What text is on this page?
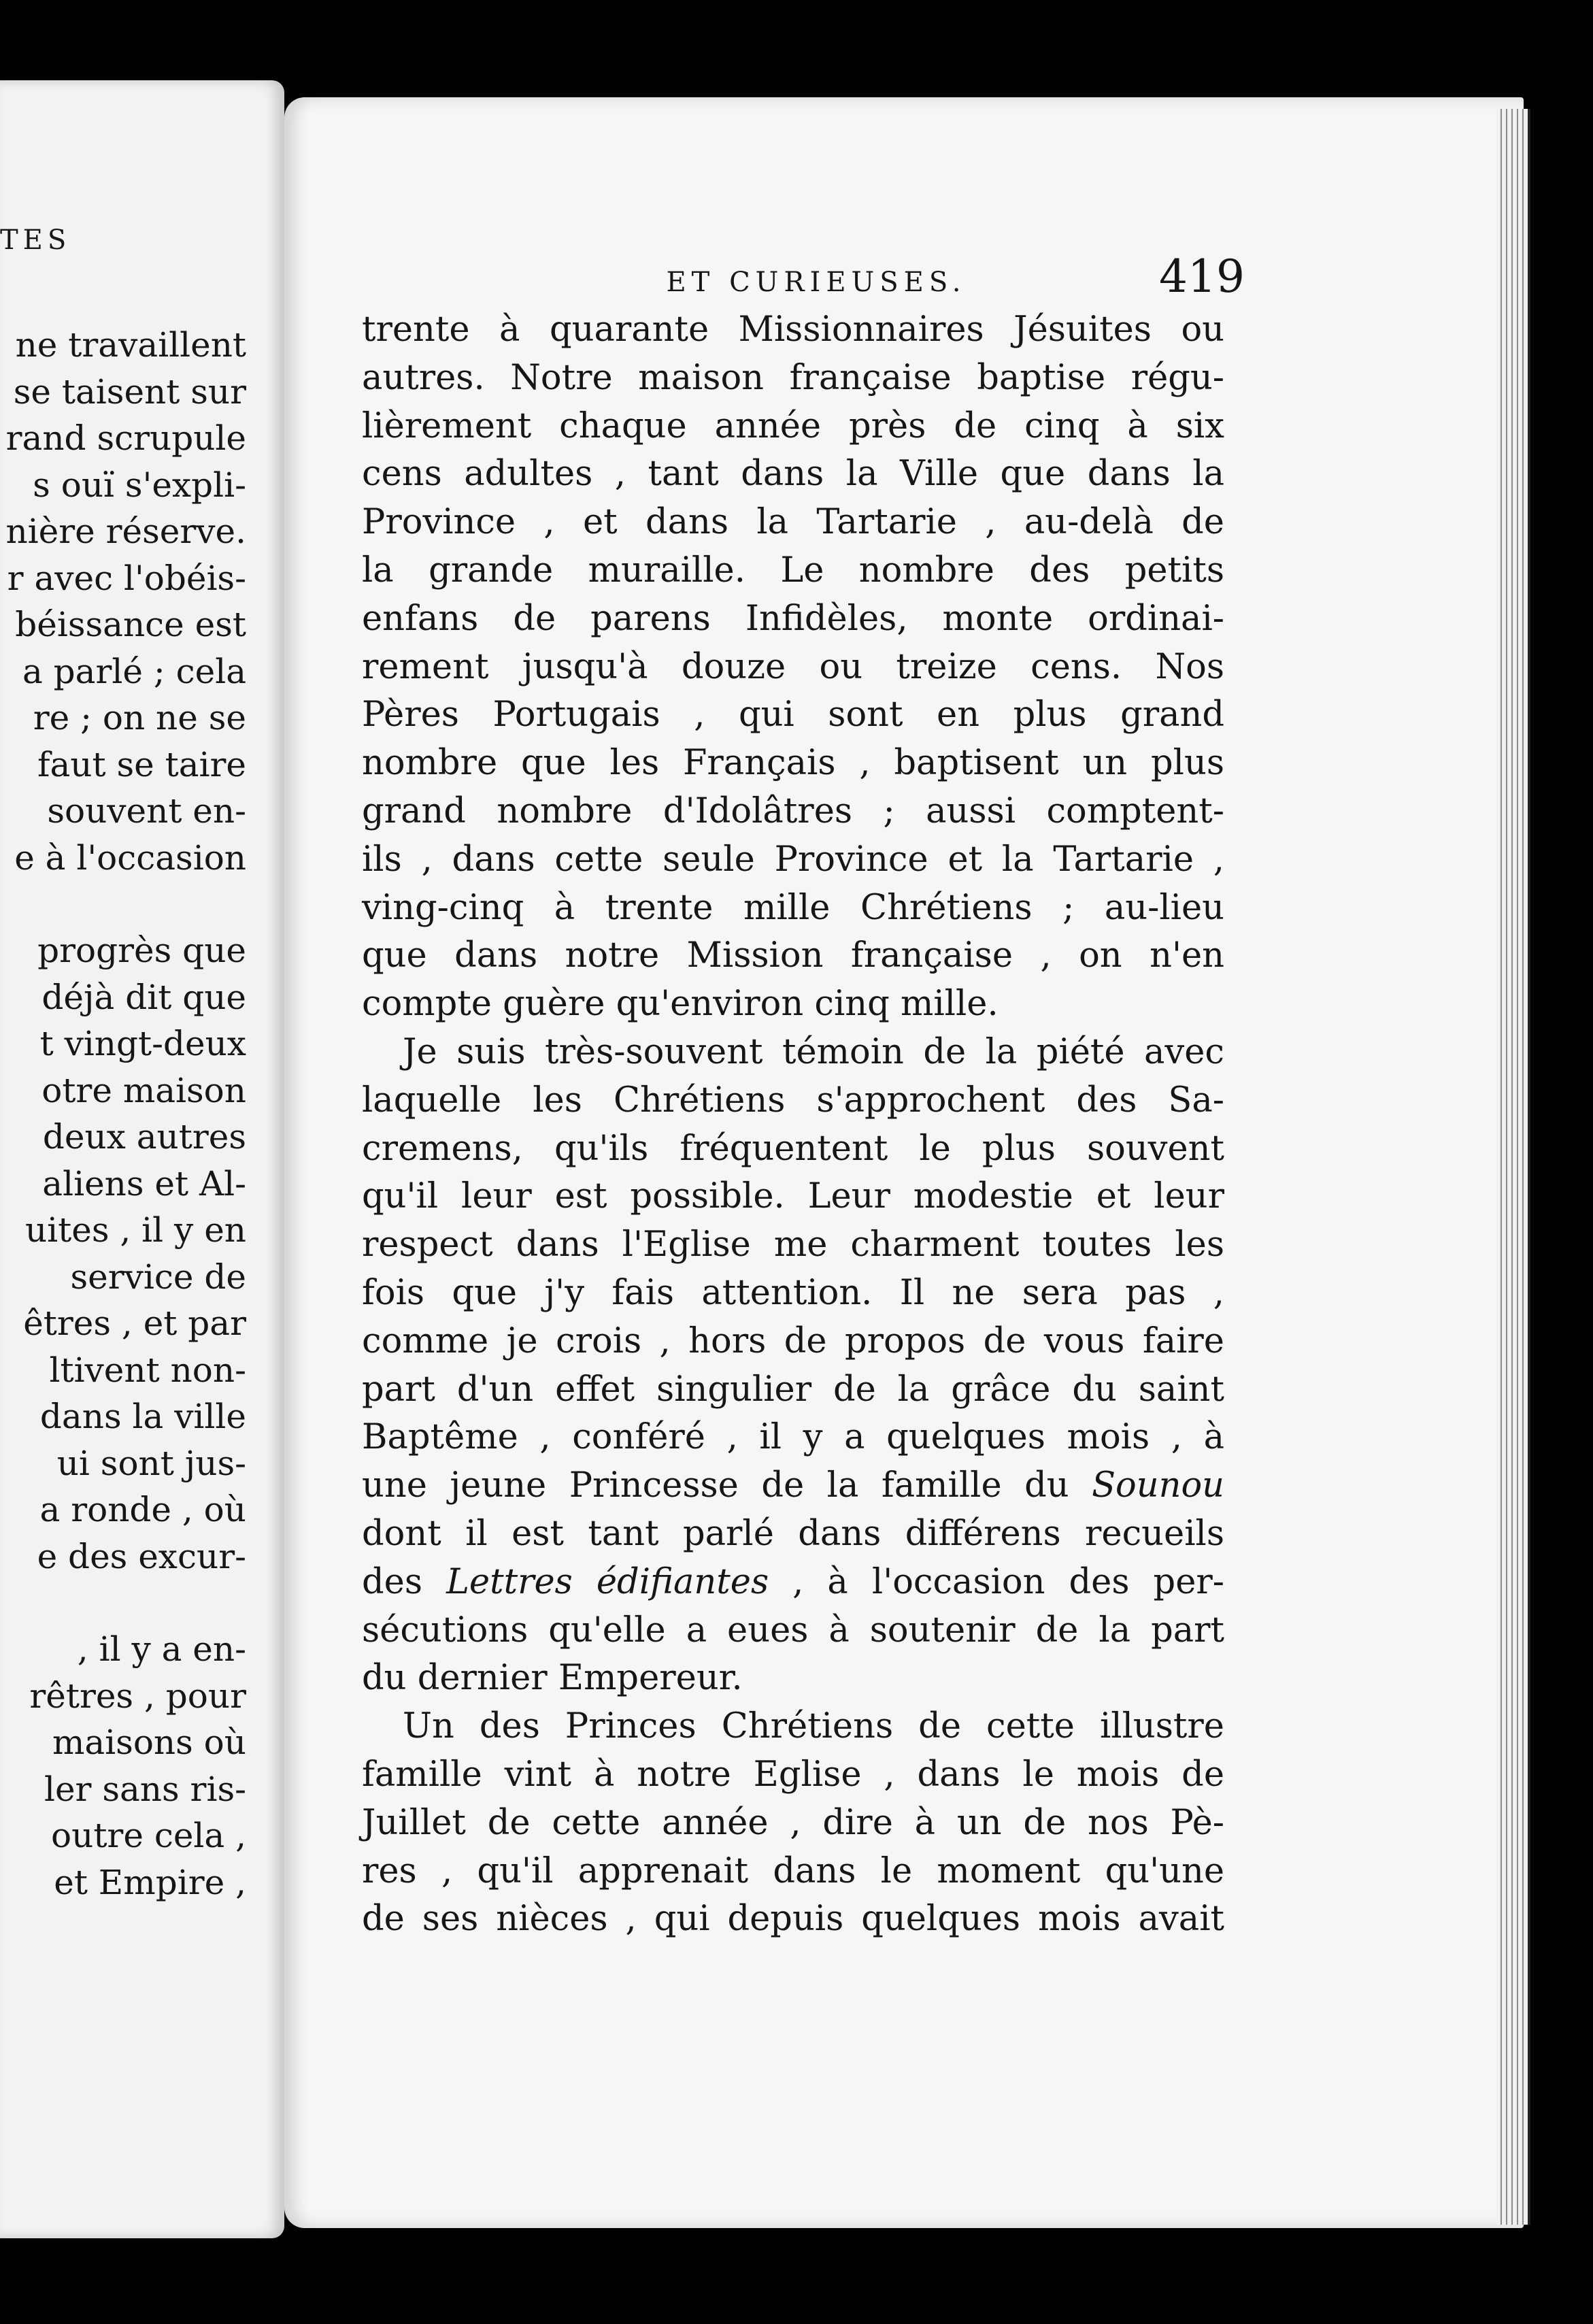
TES
ne travaillent
se taisent sur
rand scrupule
s ouï s'expli-
nière réserve.
r avec l'obéis-
béissance est
a parlé ; cela
re ; on ne se
faut se taire
souvent en-
e à l'occasion
progrès que
déjà dit que
t vingt-deux
otre maison
deux autres
aliens et Al-
uites , il y en
service de
êtres , et par
ltivent non-
dans la ville
ui sont jus-
a ronde , où
e des excur-
, il y a en-
rêtres , pour
maisons où
ler sans ris-
outre cela ,
et Empire ,
ET CURIEUSES.	419
trente à quarante Missionnaires Jésuites ou
autres. Notre maison française baptise régu-
lièrement chaque année près de cinq à six
cens adultes , tant dans la Ville que dans la
Province , et dans la Tartarie , au-delà de
la grande muraille. Le nombre des petits
enfans de parens Infidèles, monte ordinai-
rement jusqu'à douze ou treize cens. Nos
Pères Portugais , qui sont en plus grand
nombre que les Français , baptisent un plus
grand nombre d'Idolâtres ; aussi comptent-
ils , dans cette seule Province et la Tartarie ,
ving-cinq à trente mille Chrétiens ; au-lieu
que dans notre Mission française , on n'en
compte guère qu'environ cinq mille.
Je suis très-souvent témoin de la piété avec
laquelle les Chrétiens s'approchent des Sa-
cremens, qu'ils fréquentent le plus souvent
qu'il leur est possible. Leur modestie et leur
respect dans l'Eglise me charment toutes les
fois que j'y fais attention. Il ne sera pas ,
comme je crois , hors de propos de vous faire
part d'un effet singulier de la grâce du saint
Baptême , conféré , il y a quelques mois , à
une jeune Princesse de la famille du Sounou
dont il est tant parlé dans différens recueils
des Lettres édifiantes , à l'occasion des per-
sécutions qu'elle a eues à soutenir de la part
du dernier Empereur.
Un des Princes Chrétiens de cette illustre
famille vint à notre Eglise , dans le mois de
Juillet de cette année , dire à un de nos Pè-
res , qu'il apprenait dans le moment qu'une
de ses nièces , qui depuis quelques mois avait
